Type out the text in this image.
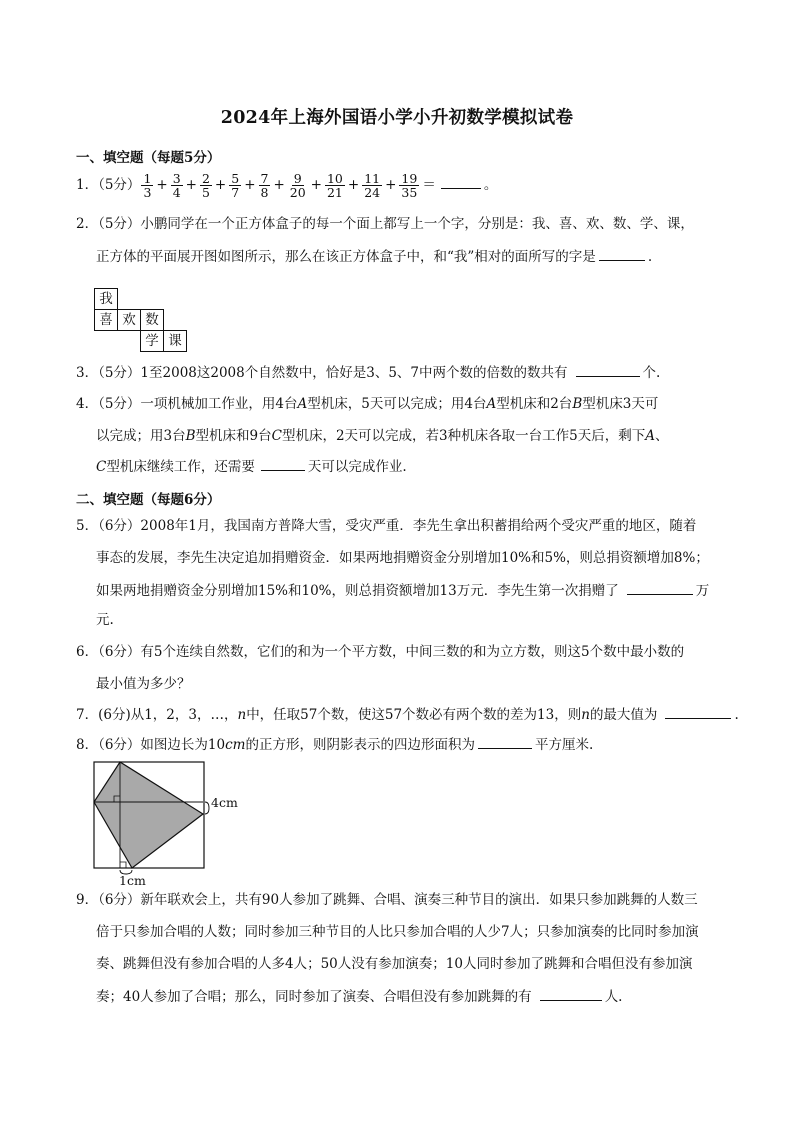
2024年上海外国语小学小升初数学模拟试卷
一、填空题（每题5分）
1．（5分） $\frac{1}{3} + \frac{3}{4} + \frac{2}{5} + \frac{5}{7} + \frac{7}{8} + \frac{9}{20} + \frac{10}{21} + \frac{11}{24} + \frac{19}{35}$ ＝	。
2．（5分）小鹏同学在一个正方体盒子的每一个面上都写上一个字，分别是：我、喜、欢、数、学、课，
正方体的平面展开图如图所示，那么在该正方体盒子中，和“我”相对的面所写的字是	.
我
喜 欢 数
学 课
3．（5分）1至2008这2008个自然数中，恰好是3、5、7中两个数的倍数的数共有	个.
4．（5分）一项机械加工作业，用4台A型机床，5天可以完成；用4台A型机床和2台B型机床3天可
以完成；用3台B型机床和9台C型机床，2天可以完成，若3种机床各取一台工作5天后，剩下A、
C型机床继续工作，还需要	天可以完成作业.
二、填空题（每题6分）
5．（6分）2008年1月，我国南方普降大雪，受灾严重．李先生拿出积蓄捐给两个受灾严重的地区，随着
事态的发展，李先生决定追加捐赠资金．如果两地捐赠资金分别增加10%和5%，则总捐资额增加8%；
如果两地捐赠资金分别增加15%和10%，则总捐资额增加13万元．李先生第一次捐赠了	万
元.
6．（6分）有5个连续自然数，它们的和为一个平方数，中间三数的和为立方数，则这5个数中最小数的
最小值为多少？
7．(6分)从1，2，3，…，n中，任取57个数，使这57个数必有两个数的差为13，则n的最大值为	.
8．（6分）如图边长为10cm的正方形，则阴影表示的四边形面积为	平方厘米.
4cm
1cm
9．（6分）新年联欢会上，共有90人参加了跳舞、合唱、演奏三种节目的演出．如果只参加跳舞的人数三
倍于只参加合唱的人数；同时参加三种节目的人比只参加合唱的人少7人；只参加演奏的比同时参加演
奏、跳舞但没有参加合唱的人多4人；50人没有参加演奏；10人同时参加了跳舞和合唱但没有参加演
奏；40人参加了合唱；那么，同时参加了演奏、合唱但没有参加跳舞的有	人.
